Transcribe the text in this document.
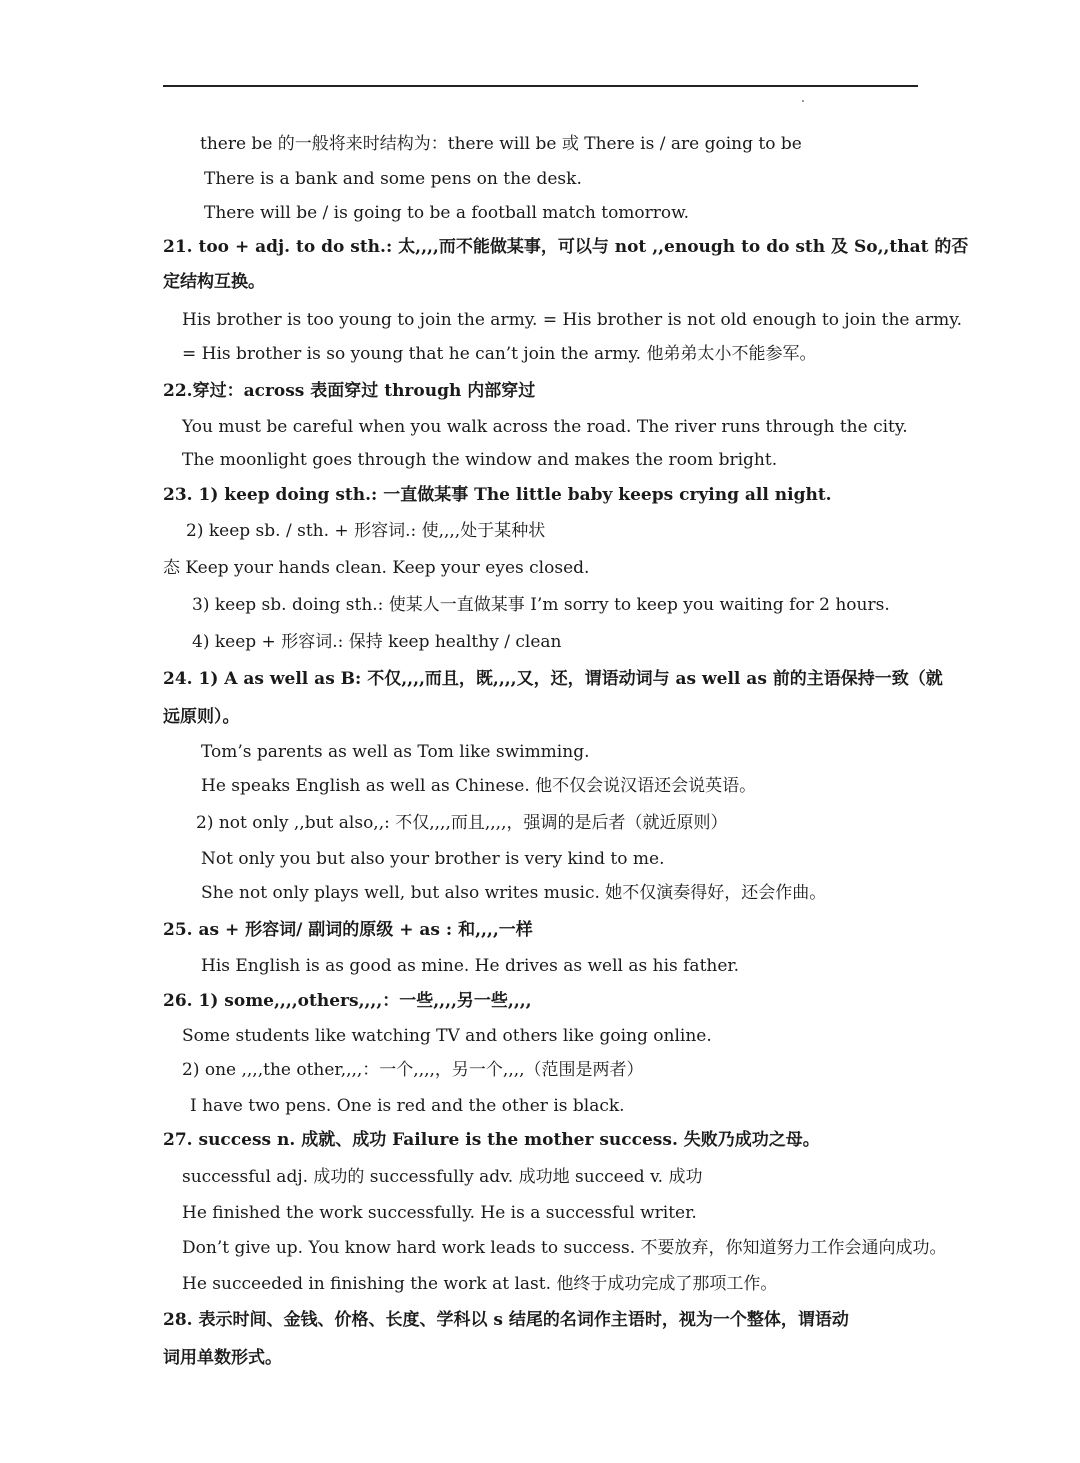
there be 的一般将来时结构为：there will be 或 There is / are going to be
There is a bank and some pens on the desk.
There will be / is going to be a football match tomorrow.
21. too + adj. to do sth.: 太,,,,而不能做某事，可以与 not ,,enough to do sth 及 So,,that 的否
定结构互换。
His brother is too young to join the army. = His brother is not old enough to join the army.
= His brother is so young that he can’t join the army. 他弟弟太小不能参军。
22.穿过：across 表面穿过 through 内部穿过
You must be careful when you walk across the road. The river runs through the city.
The moonlight goes through the window and makes the room bright.
23. 1) keep doing sth.: 一直做某事 The little baby keeps crying all night.
2) keep sb. / sth. + 形容词.: 使,,,,处于某种状
态 Keep your hands clean. Keep your eyes closed.
3) keep sb. doing sth.: 使某人一直做某事 I’m sorry to keep you waiting for 2 hours.
4) keep + 形容词.: 保持 keep healthy / clean
24. 1) A as well as B: 不仅,,,,而且，既,,,,又，还，谓语动词与 as well as 前的主语保持一致（就
远原则）。
Tom’s parents as well as Tom like swimming.
He speaks English as well as Chinese. 他不仅会说汉语还会说英语。
2) not only ,,but also,,: 不仅,,,,而且,,,,，强调的是后者（就近原则）
Not only you but also your brother is very kind to me.
She not only plays well, but also writes music. 她不仅演奏得好，还会作曲。
25. as + 形容词/ 副词的原级 + as : 和,,,,一样
His English is as good as mine. He drives as well as his father.
26. 1) some,,,,others,,,,：一些,,,,另一些,,,,
Some students like watching TV and others like going online.
2) one ,,,,the other,,,,：一个,,,,，另一个,,,,（范围是两者）
I have two pens. One is red and the other is black.
27. success n. 成就、成功 Failure is the mother success. 失败乃成功之母。
successful adj. 成功的 successfully adv. 成功地 succeed v. 成功
He finished the work successfully. He is a successful writer.
Don’t give up. You know hard work leads to success. 不要放弃，你知道努力工作会通向成功。
He succeeded in finishing the work at last. 他终于成功完成了那项工作。
28. 表示时间、金钱、价格、长度、学科以 s 结尾的名词作主语时，视为一个整体，谓语动
词用单数形式。
